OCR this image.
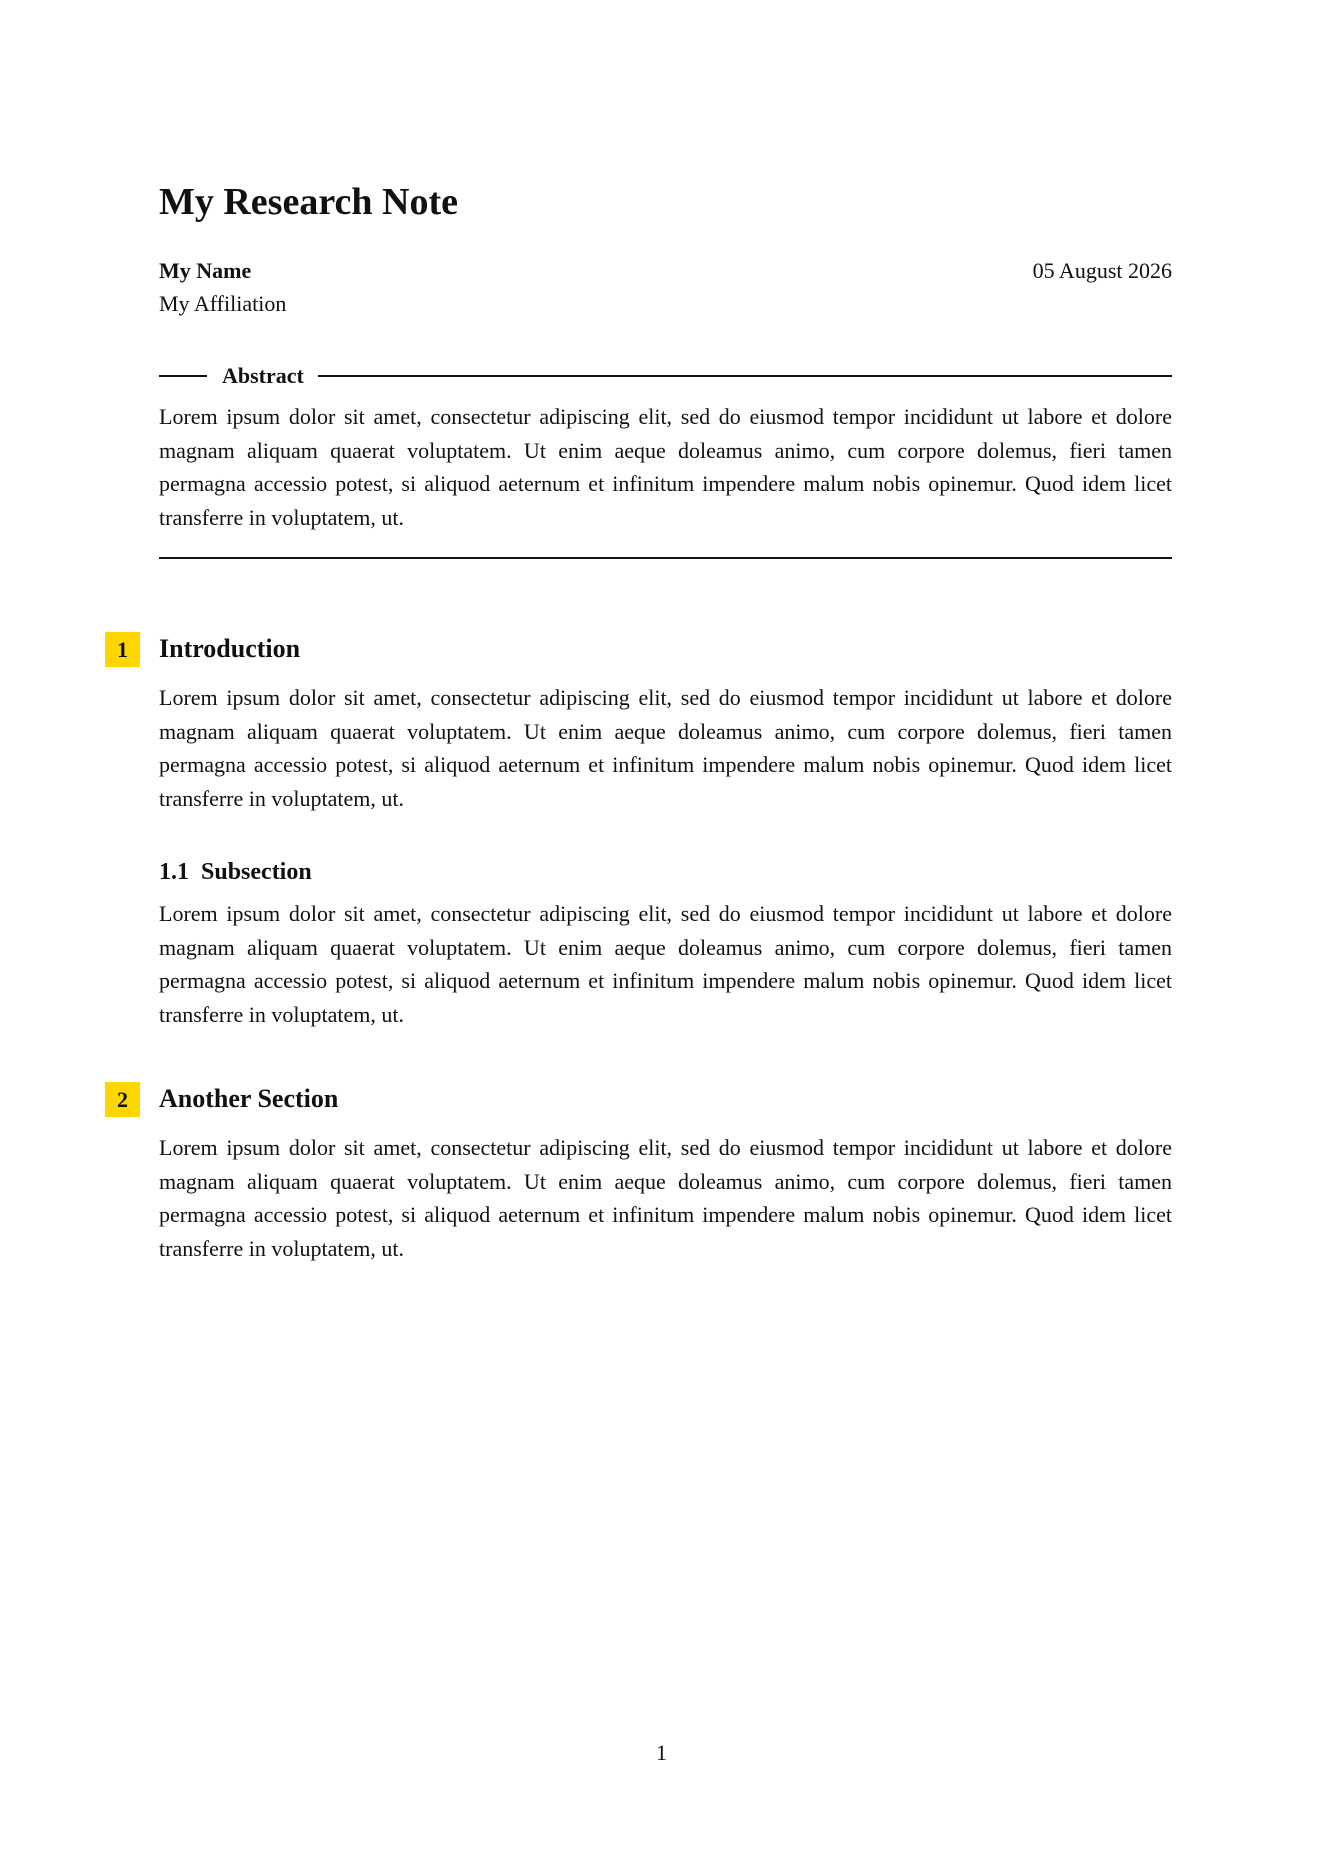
My Research Note
My Name
My Affiliation
05 August 2026
Abstract

Lorem ipsum dolor sit amet, consectetur adipiscing elit, sed do eiusmod tempor incididunt ut labore et dolore magnam aliquam quaerat voluptatem. Ut enim aeque doleamus animo, cum corpore dolemus, fieri tamen permagna accessio potest, si aliquod aeternum et infinitum impendere malum nobis opinemur. Quod idem licet transferre in voluptatem, ut.

1	Introduction

Lorem ipsum dolor sit amet, consectetur adipiscing elit, sed do eiusmod tempor incididunt ut labore et dolore magnam aliquam quaerat voluptatem. Ut enim aeque doleamus animo, cum corpore dolemus, fieri tamen permagna accessio potest, si aliquod aeternum et infinitum impendere malum nobis opinemur. Quod idem licet transferre in voluptatem, ut.

1.1 Subsection

Lorem ipsum dolor sit amet, consectetur adipiscing elit, sed do eiusmod tempor incididunt ut labore et dolore magnam aliquam quaerat voluptatem. Ut enim aeque doleamus animo, cum corpore dolemus, fieri tamen permagna accessio potest, si aliquod aeternum et infinitum impendere malum nobis opinemur. Quod idem licet transferre in voluptatem, ut.

2	Another Section

Lorem ipsum dolor sit amet, consectetur adipiscing elit, sed do eiusmod tempor incididunt ut labore et dolore magnam aliquam quaerat voluptatem. Ut enim aeque doleamus animo, cum corpore dolemus, fieri tamen permagna accessio potest, si aliquod aeternum et infinitum impendere malum nobis opinemur. Quod idem licet transferre in voluptatem, ut.

1
